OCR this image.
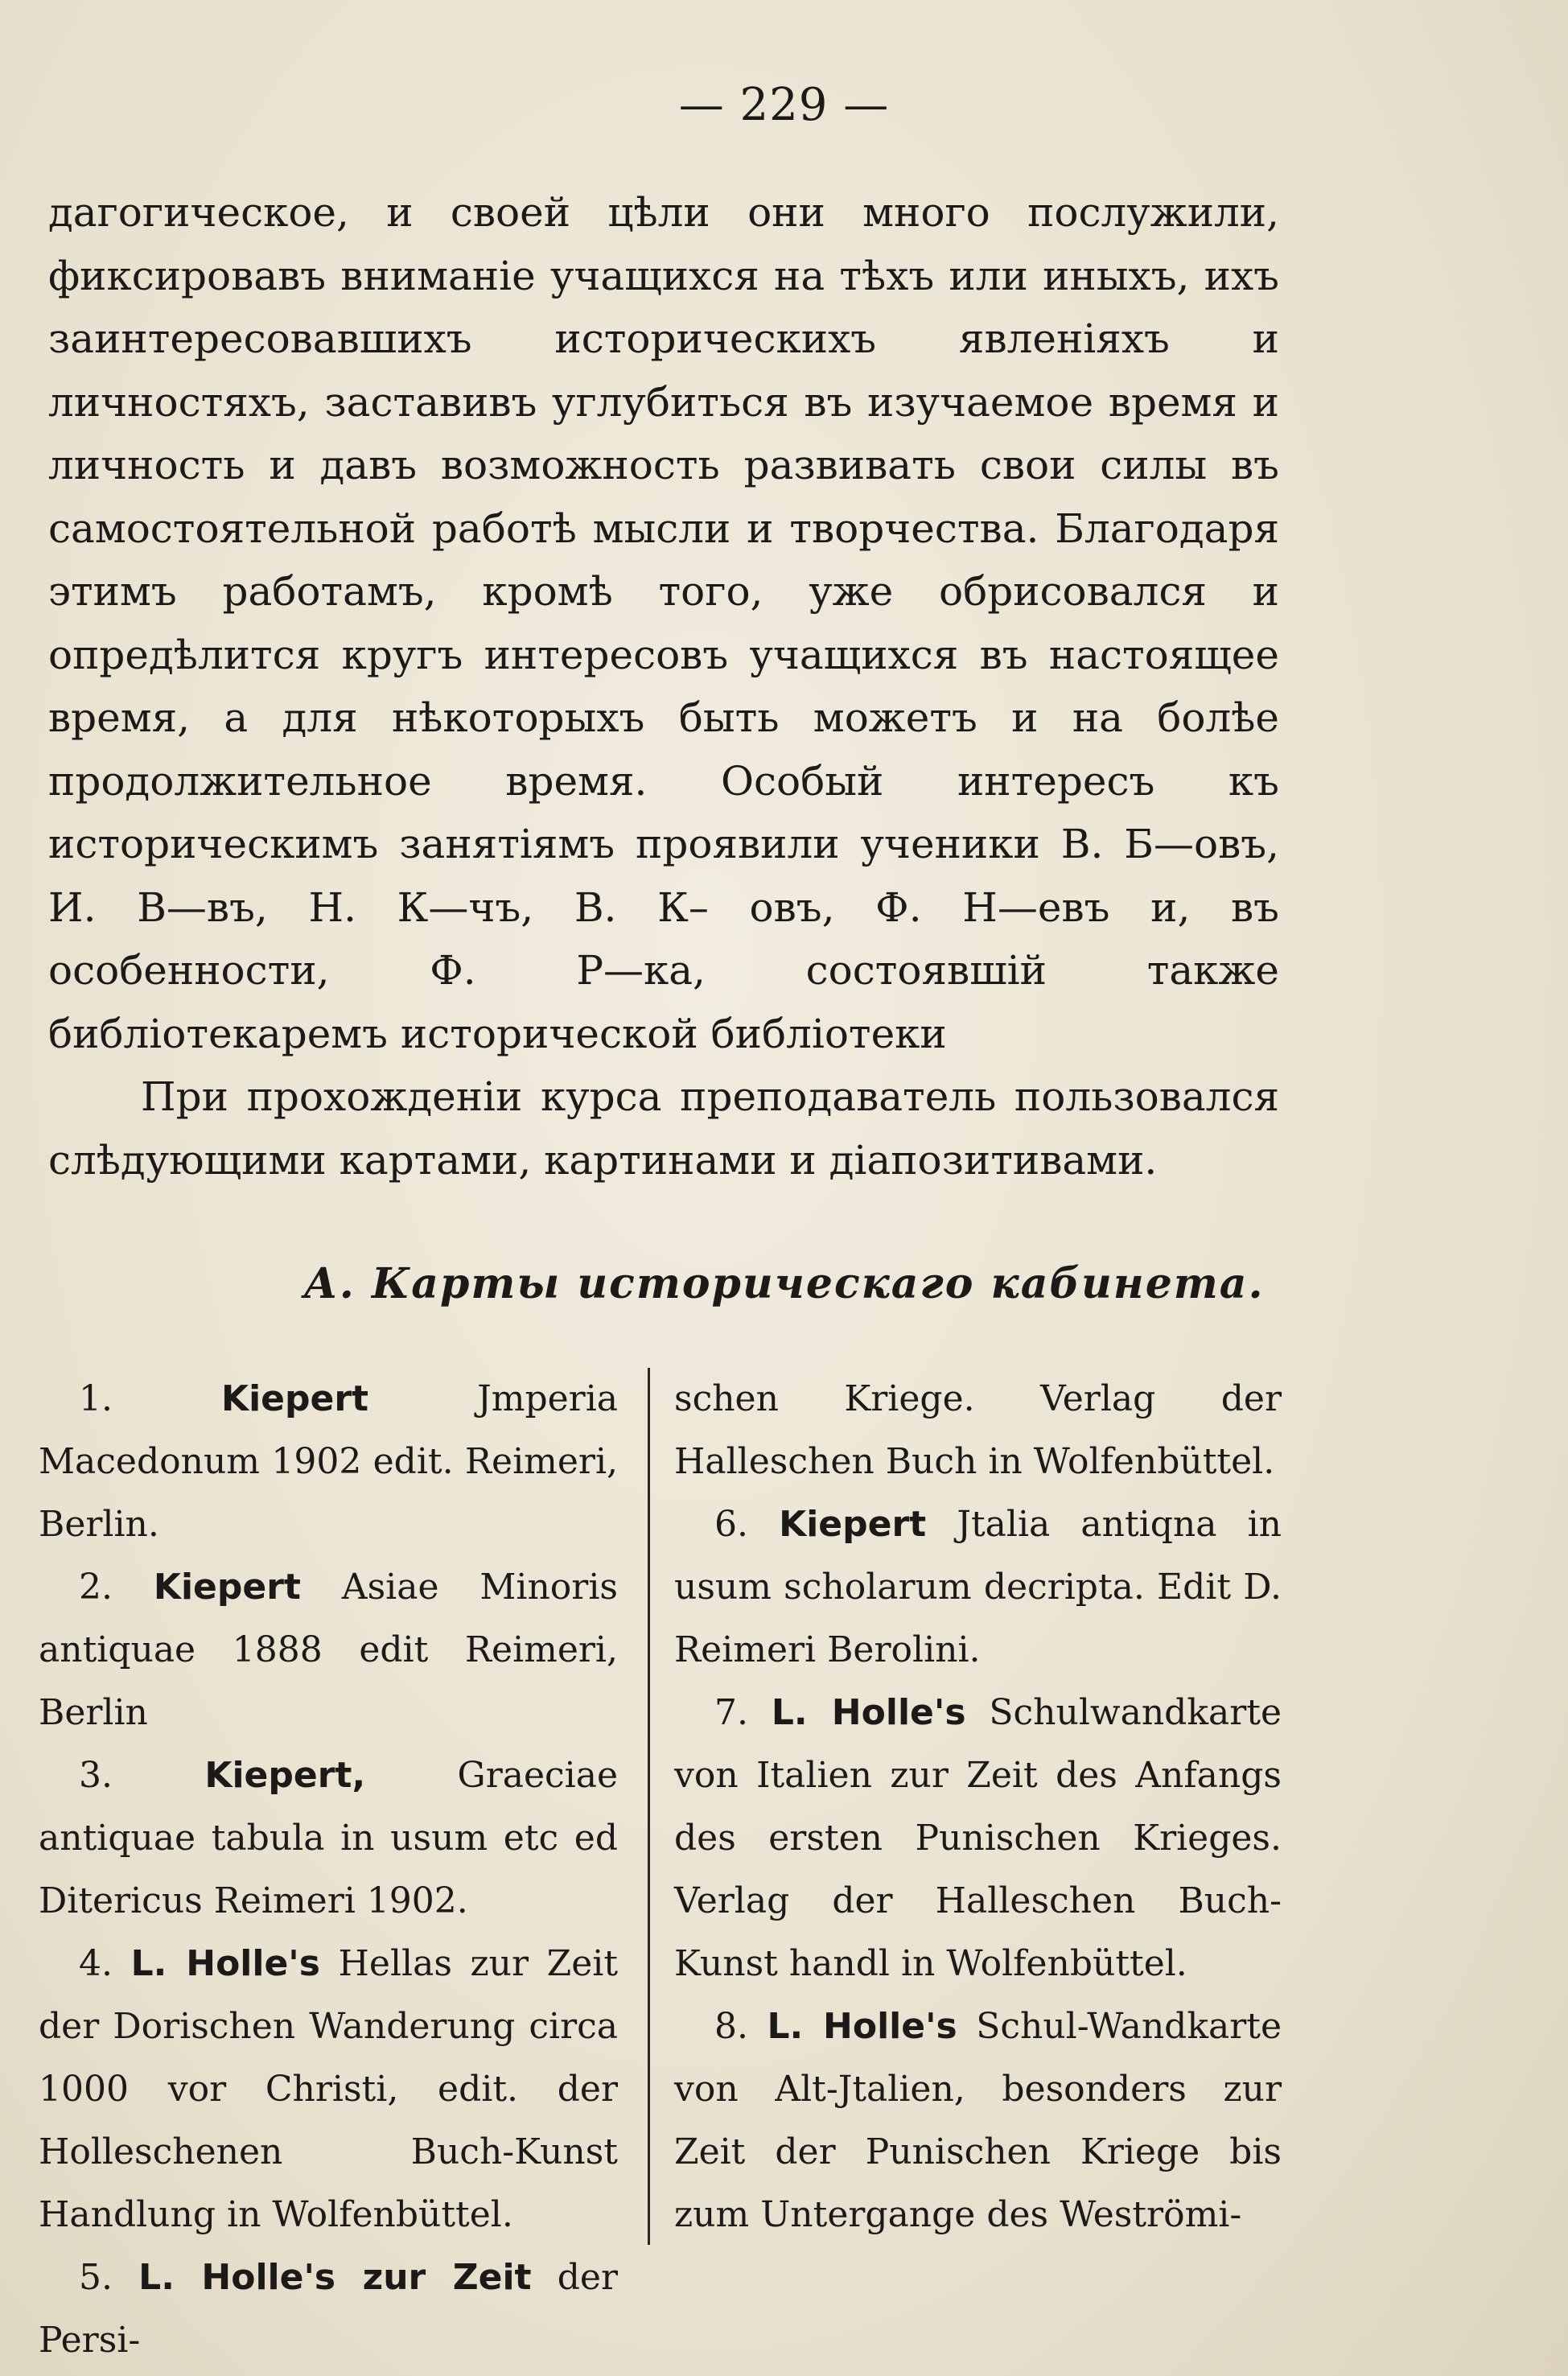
— 229 —

дагогическое, и своей цѣли они много послужили, фиксировавъ вниманіе учащихся на тѣхъ или иныхъ, ихъ заинтересовавшихъ историческихъ явленіяхъ и личностяхъ, заставивъ углубиться въ изучаемое время и личность и давъ возможность развивать свои силы въ самостоятельной работѣ мысли и творчества. Благодаря этимъ работамъ, кромѣ того, уже обрисовался и опредѣлится кругъ интересовъ учащихся въ настоящее время, а для нѣкоторыхъ быть можетъ и на болѣе продолжительное время. Особый интересъ къ историческимъ занятіямъ проявили ученики В. Б—овъ, И. В—въ, Н. К—чъ, В. К– овъ, Ф. Н—евъ и, въ особенности, Ф. Р—ка, состоявшій также библіотекаремъ исторической библіотеки

При прохожденіи курса преподаватель пользовался слѣдующими картами, картинами и діапозитивами.

А. Карты историческаго кабинета.

1.	Kiepert Jmperia Macedonum 1902 edit. Reimeri, Berlin.

2. Kiepert Asiae Minoris antiquae 1888 edit Reimeri, Berlin

3.	Kiepert, Graeciae antiquae tabula in usum etc ed Ditericus Reimeri 1902.

4. L. Holle's Hellas zur Zeit der Dorischen Wanderung circa 1000 vor Christi, edit. der Holleschenen Buch-Kunst Handlung in Wolfenbüttel.

5. L. Holle's zur Zeit der Persi-

schen Kriege. Verlag der Halleschen Buch in Wolfenbüttel.

6. Kiepert Jtalia antiqna in usum scholarum decripta. Edit D. Reimeri Berolini.

7. L. Holle's Schulwandkarte von Italien zur Zeit des Anfangs des ersten Punischen Krieges. Verlag der Halleschen Buch-Kunst handl in Wolfenbüttel.

8. L. Holle's Schul-Wandkarte von Alt-Jtalien, besonders zur Zeit der Punischen Kriege bis zum Untergange des Weströmi-
